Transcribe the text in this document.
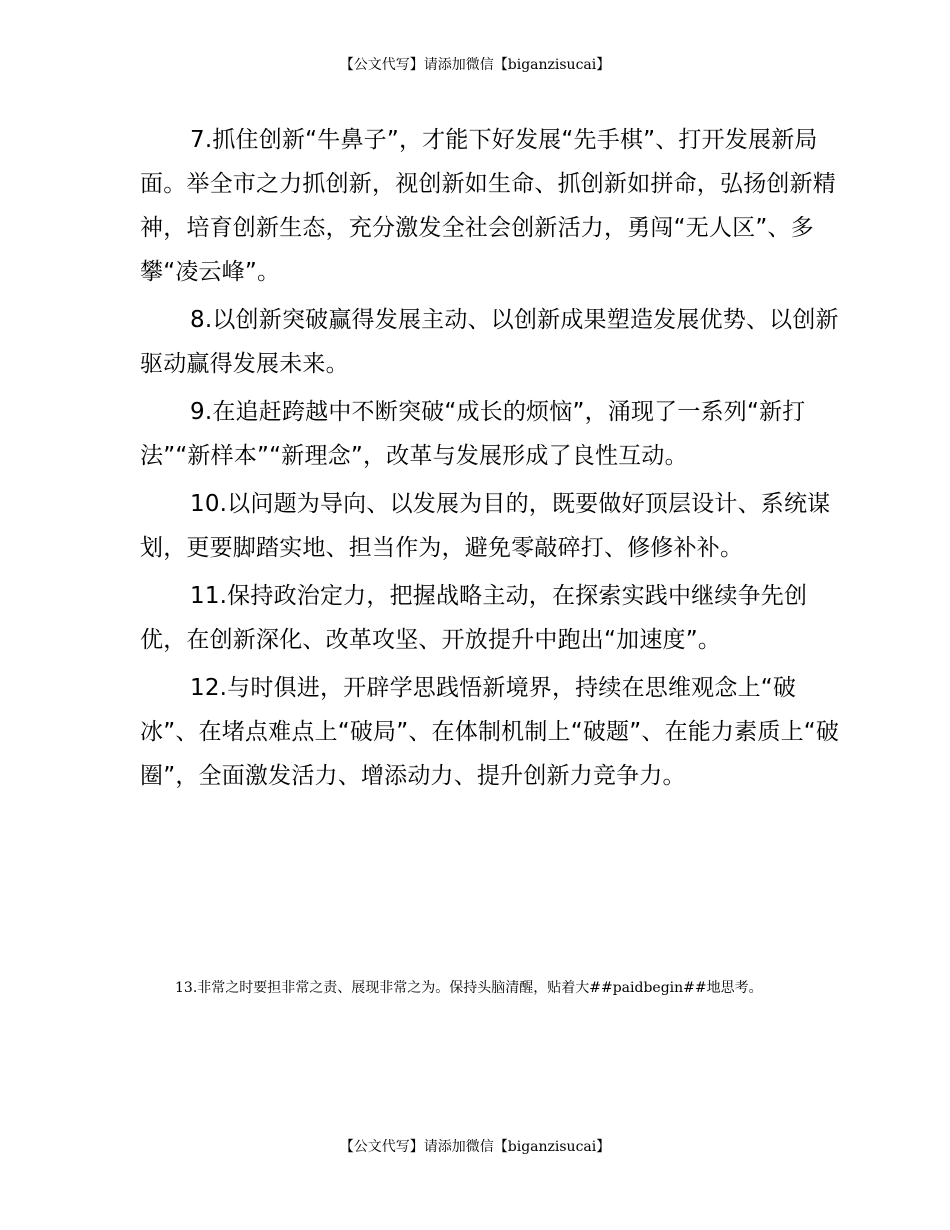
【公文代写】请添加微信【biganzisucai】

7.抓住创新“牛鼻子”，才能下好发展“先手棋”、打开发展新局面。举全市之力抓创新，视创新如生命、抓创新如拼命，弘扬创新精神，培育创新生态，充分激发全社会创新活力，勇闯“无人区”、多攀“凌云峰”。

8.以创新突破赢得发展主动、以创新成果塑造发展优势、以创新驱动赢得发展未来。

9.在追赶跨越中不断突破“成长的烦恼”，涌现了一系列“新打法”“新样本”“新理念”，改革与发展形成了良性互动。

10.以问题为导向、以发展为目的，既要做好顶层设计、系统谋划，更要脚踏实地、担当作为，避免零敲碎打、修修补补。

11.保持政治定力，把握战略主动，在探索实践中继续争先创优，在创新深化、改革攻坚、开放提升中跑出“加速度”。

12.与时俱进，开辟学思践悟新境界，持续在思维观念上“破冰”、在堵点难点上“破局”、在体制机制上“破题”、在能力素质上“破圈”，全面激发活力、增添动力、提升创新力竞争力。

13.非常之时要担非常之责、展现非常之为。保持头脑清醒，贴着大##paidbegin##地思考。

【公文代写】请添加微信【biganzisucai】
